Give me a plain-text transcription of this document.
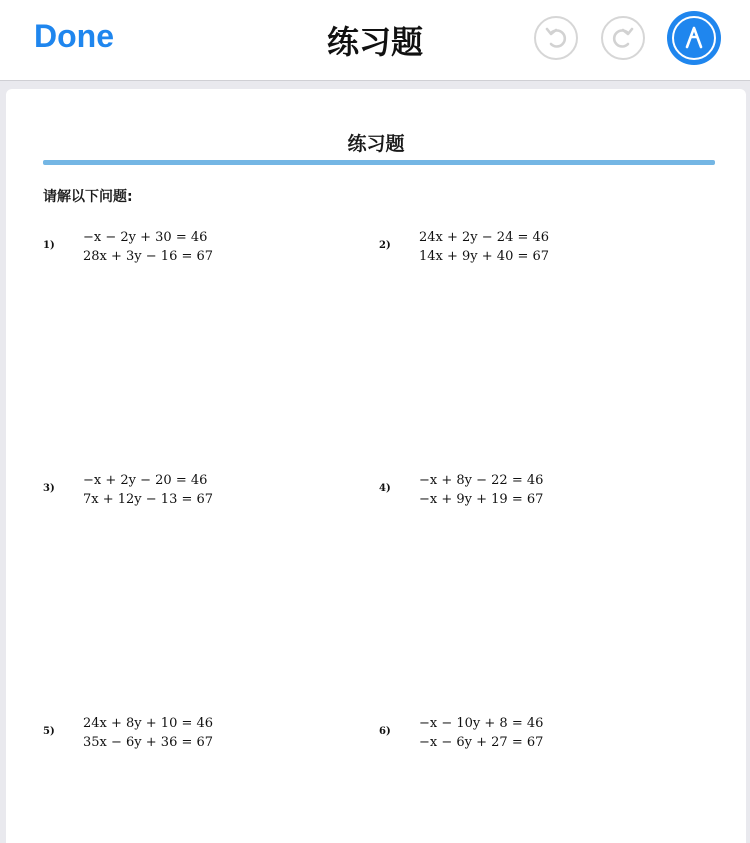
Done	练习题
练习题
请解以下问题:
1)
−x − 2y + 30 = 46
28x + 3y − 16 = 67
2)
24x + 2y − 24 = 46
14x + 9y + 40 = 67
3)
−x + 2y − 20 = 46
7x + 12y − 13 = 67
4)
−x + 8y − 22 = 46
−x + 9y + 19 = 67
5)
24x + 8y + 10 = 46
35x − 6y + 36 = 67
6)
−x − 10y + 8 = 46
−x − 6y + 27 = 67
